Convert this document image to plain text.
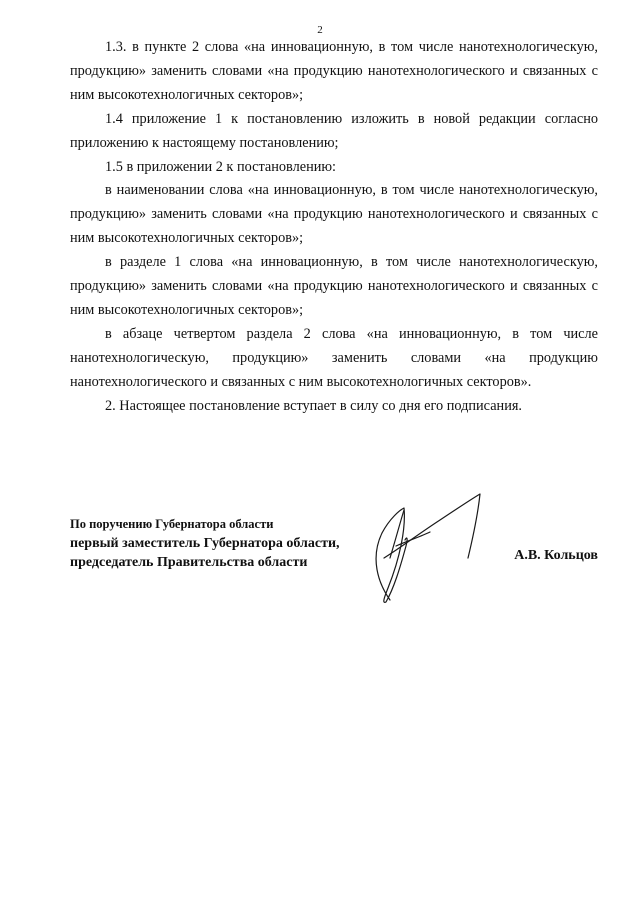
2

1.3. в пункте 2 слова «на инновационную, в том числе нанотехнологическую, продукцию» заменить словами «на продукцию нанотехнологического и связанных с ним высокотехнологичных секторов»;

1.4 приложение 1 к постановлению изложить в новой редакции согласно приложению к настоящему постановлению;

1.5 в приложении 2 к постановлению:

в наименовании слова «на инновационную, в том числе нанотехнологическую, продукцию» заменить словами «на продукцию нанотехнологического и связанных с ним высокотехнологичных секторов»;

в разделе 1 слова «на инновационную, в том числе нанотехнологическую, продукцию» заменить словами «на продукцию нанотехнологического и связанных с ним высокотехнологичных секторов»;

в абзаце четвертом раздела 2 слова «на инновационную, в том числе нанотехнологическую, продукцию» заменить словами «на продукцию нанотехнологического и связанных с ним высокотехнологичных секторов».

2. Настоящее постановление вступает в силу со дня его подписания.

По поручению Губернатора области
первый заместитель Губернатора области,
председатель Правительства области	А.В. Кольцов
